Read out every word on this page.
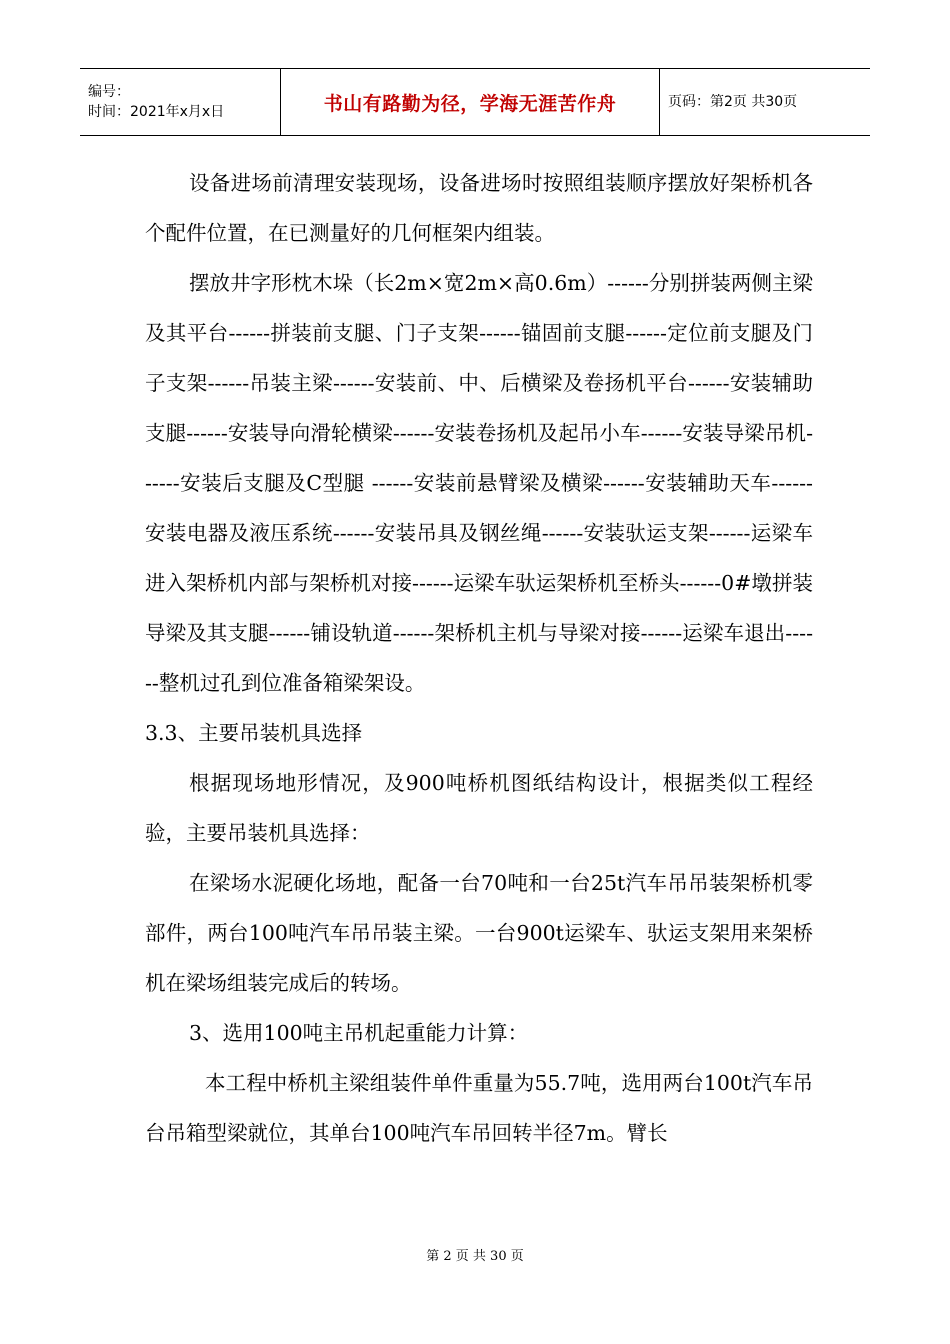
编号：
时间：2021年x月x日	书山有路勤为径，学海无涯苦作舟	页码：第2页 共30页

设备进场前清理安装现场，设备进场时按照组装顺序摆放好架桥机各个配件位置，在已测量好的几何框架内组装。

摆放井字形枕木垛（长2m×宽2m×高0.6m）------分别拼装两侧主梁及其平台------拼装前支腿、门子支架------锚固前支腿------定位前支腿及门子支架------吊装主梁------安装前、中、后横梁及卷扬机平台------安装辅助支腿------安装导向滑轮横梁------安装卷扬机及起吊小车------安装导梁吊机------安装后支腿及C型腿 ------安装前悬臂梁及横梁------安装辅助天车------安装电器及液压系统------安装吊具及钢丝绳------安装驮运支架------运梁车进入架桥机内部与架桥机对接------运梁车驮运架桥机至桥头------0#墩拼装导梁及其支腿------铺设轨道------架桥机主机与导梁对接------运梁车退出------整机过孔到位准备箱梁架设。

3.3、主要吊装机具选择

根据现场地形情况，及900吨桥机图纸结构设计，根据类似工程经验，主要吊装机具选择：

在梁场水泥硬化场地，配备一台70吨和一台25t汽车吊吊装架桥机零部件，两台100吨汽车吊吊装主梁。一台900t运梁车、驮运支架用来架桥机在梁场组装完成后的转场。

3、选用100吨主吊机起重能力计算：

本工程中桥机主梁组装件单件重量为55.7吨，选用两台100t汽车吊台吊箱型梁就位，其单台100吨汽车吊回转半径7m。臂长

第 2 页 共 30 页
